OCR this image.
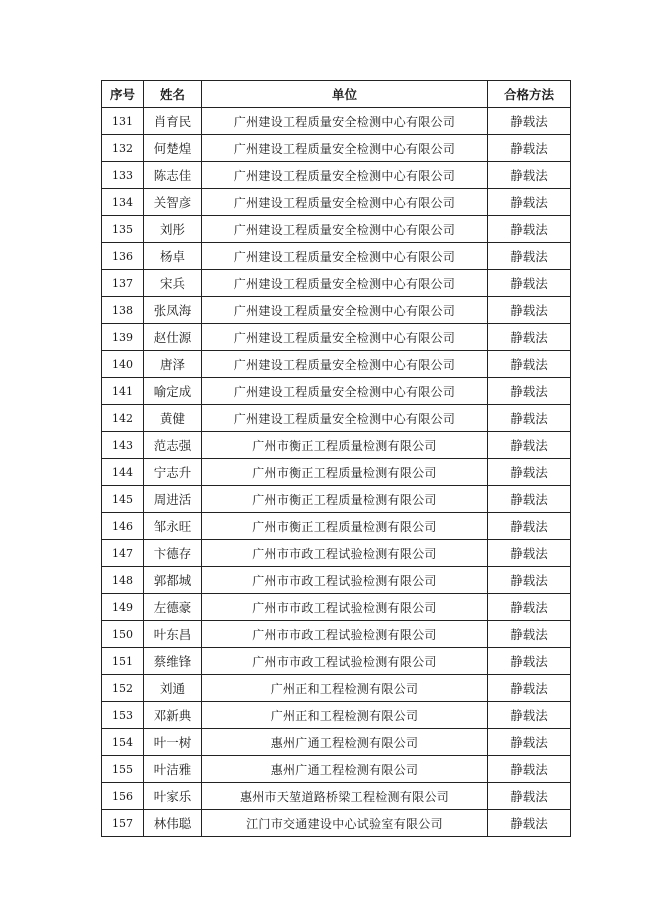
序号	姓名	单位	合格方法
131	肖育民	广州建设工程质量安全检测中心有限公司	静载法
132	何楚煌	广州建设工程质量安全检测中心有限公司	静载法
133	陈志佳	广州建设工程质量安全检测中心有限公司	静载法
134	关智彦	广州建设工程质量安全检测中心有限公司	静载法
135	刘彤	广州建设工程质量安全检测中心有限公司	静载法
136	杨卓	广州建设工程质量安全检测中心有限公司	静载法
137	宋兵	广州建设工程质量安全检测中心有限公司	静载法
138	张凤海	广州建设工程质量安全检测中心有限公司	静载法
139	赵仕源	广州建设工程质量安全检测中心有限公司	静载法
140	唐泽	广州建设工程质量安全检测中心有限公司	静载法
141	喻定成	广州建设工程质量安全检测中心有限公司	静载法
142	黄健	广州建设工程质量安全检测中心有限公司	静载法
143	范志强	广州市衡正工程质量检测有限公司	静载法
144	宁志升	广州市衡正工程质量检测有限公司	静载法
145	周进活	广州市衡正工程质量检测有限公司	静载法
146	邹永旺	广州市衡正工程质量检测有限公司	静载法
147	卞德存	广州市市政工程试验检测有限公司	静载法
148	郭都城	广州市市政工程试验检测有限公司	静载法
149	左德豪	广州市市政工程试验检测有限公司	静载法
150	叶东昌	广州市市政工程试验检测有限公司	静载法
151	蔡维锋	广州市市政工程试验检测有限公司	静载法
152	刘通	广州正和工程检测有限公司	静载法
153	邓新典	广州正和工程检测有限公司	静载法
154	叶一树	惠州广通工程检测有限公司	静载法
155	叶洁雅	惠州广通工程检测有限公司	静载法
156	叶家乐	惠州市天堃道路桥梁工程检测有限公司	静载法
157	林伟聪	江门市交通建设中心试验室有限公司	静载法
